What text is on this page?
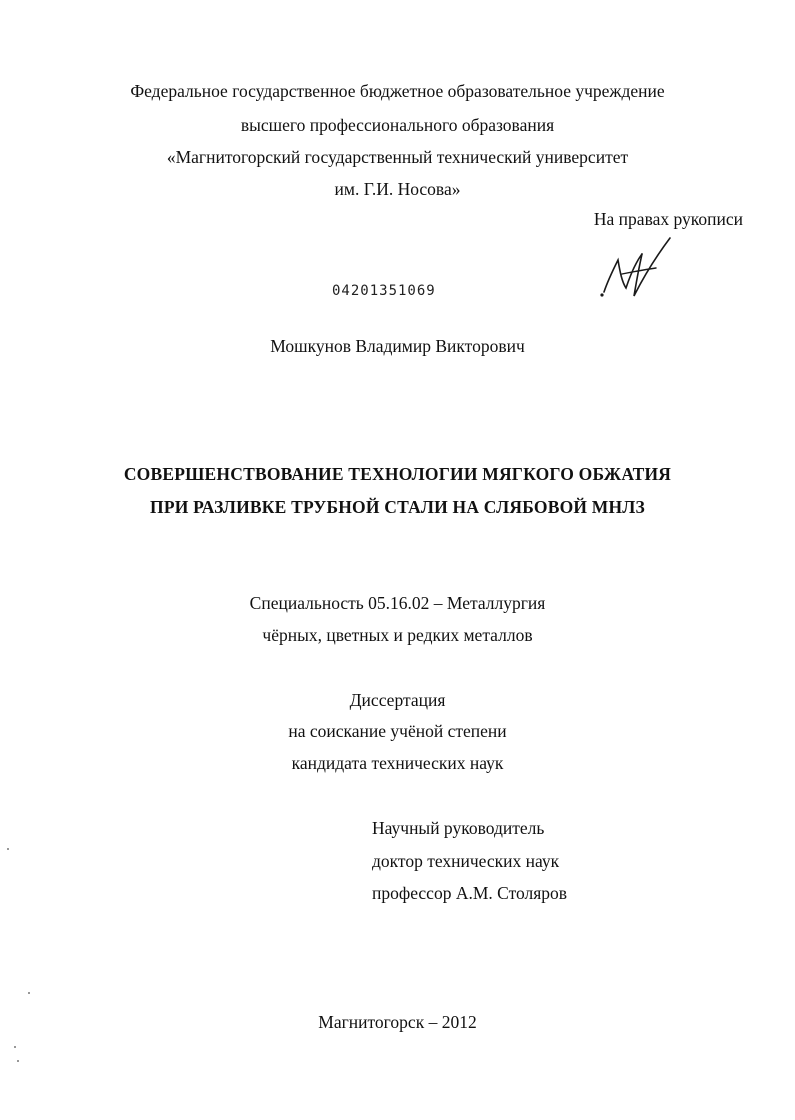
Федеральное государственное бюджетное образовательное учреждение
высшего профессионального образования
«Магнитогорский государственный технический университет
им. Г.И. Носова»
На правах рукописи
04201351069
Мошкунов Владимир Викторович
СОВЕРШЕНСТВОВАНИЕ ТЕХНОЛОГИИ МЯГКОГО ОБЖАТИЯ
ПРИ РАЗЛИВКЕ ТРУБНОЙ СТАЛИ НА СЛЯБОВОЙ МНЛЗ
Специальность 05.16.02 – Металлургия
чёрных, цветных и редких металлов
Диссертация
на соискание учёной степени
кандидата технических наук
Научный руководитель
доктор технических наук
профессор А.М. Столяров
Магнитогорск – 2012
